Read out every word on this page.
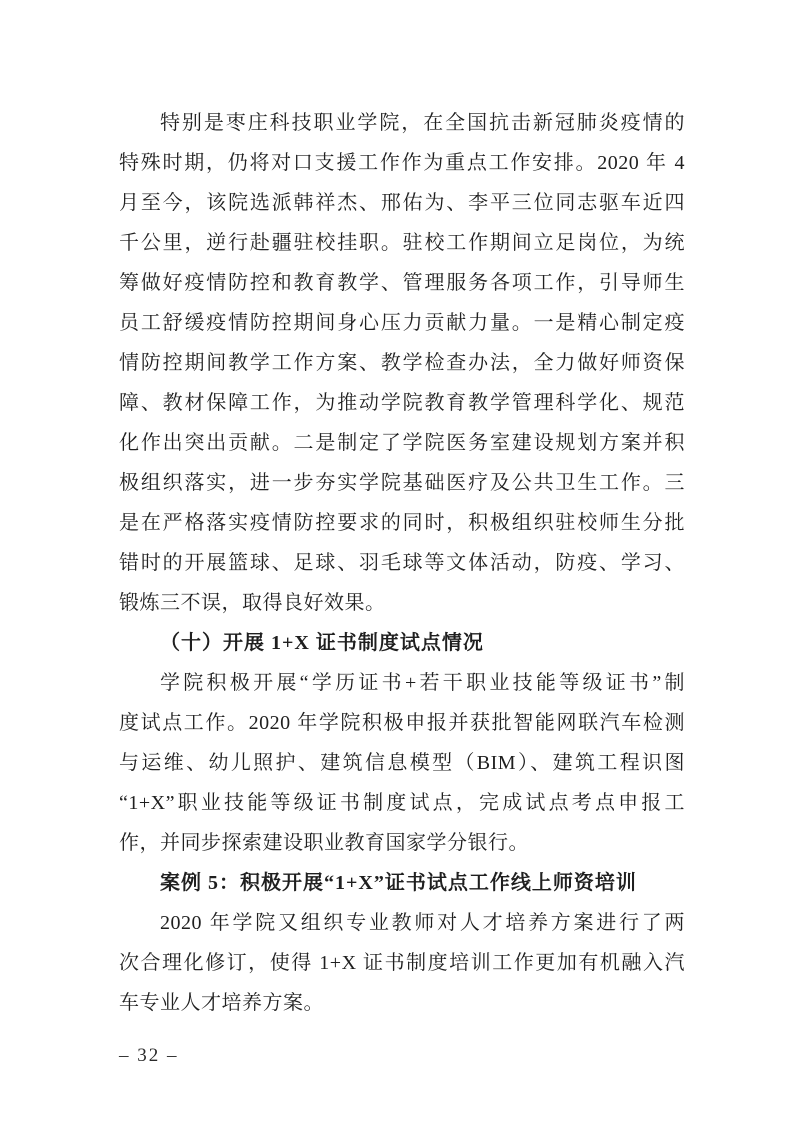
特别是枣庄科技职业学院，在全国抗击新冠肺炎疫情的
特殊时期，仍将对口支援工作作为重点工作安排。2020 年 4
月至今，该院选派韩祥杰、邢佑为、李平三位同志驱车近四
千公里，逆行赴疆驻校挂职。驻校工作期间立足岗位，为统
筹做好疫情防控和教育教学、管理服务各项工作，引导师生
员工舒缓疫情防控期间身心压力贡献力量。一是精心制定疫
情防控期间教学工作方案、教学检查办法，全力做好师资保
障、教材保障工作，为推动学院教育教学管理科学化、规范
化作出突出贡献。二是制定了学院医务室建设规划方案并积
极组织落实，进一步夯实学院基础医疗及公共卫生工作。三
是在严格落实疫情防控要求的同时，积极组织驻校师生分批
错时的开展篮球、足球、羽毛球等文体活动，防疫、学习、
锻炼三不误，取得良好效果。
（十）开展 1+X 证书制度试点情况
学院积极开展“学历证书+若干职业技能等级证书”制
度试点工作。2020 年学院积极申报并获批智能网联汽车检测
与运维、幼儿照护、建筑信息模型（BIM）、建筑工程识图
“1+X”职业技能等级证书制度试点，完成试点考点申报工
作，并同步探索建设职业教育国家学分银行。
案例 5：积极开展“1+X”证书试点工作线上师资培训
2020 年学院又组织专业教师对人才培养方案进行了两
次合理化修订，使得 1+X 证书制度培训工作更加有机融入汽
车专业人才培养方案。
– 32 –
